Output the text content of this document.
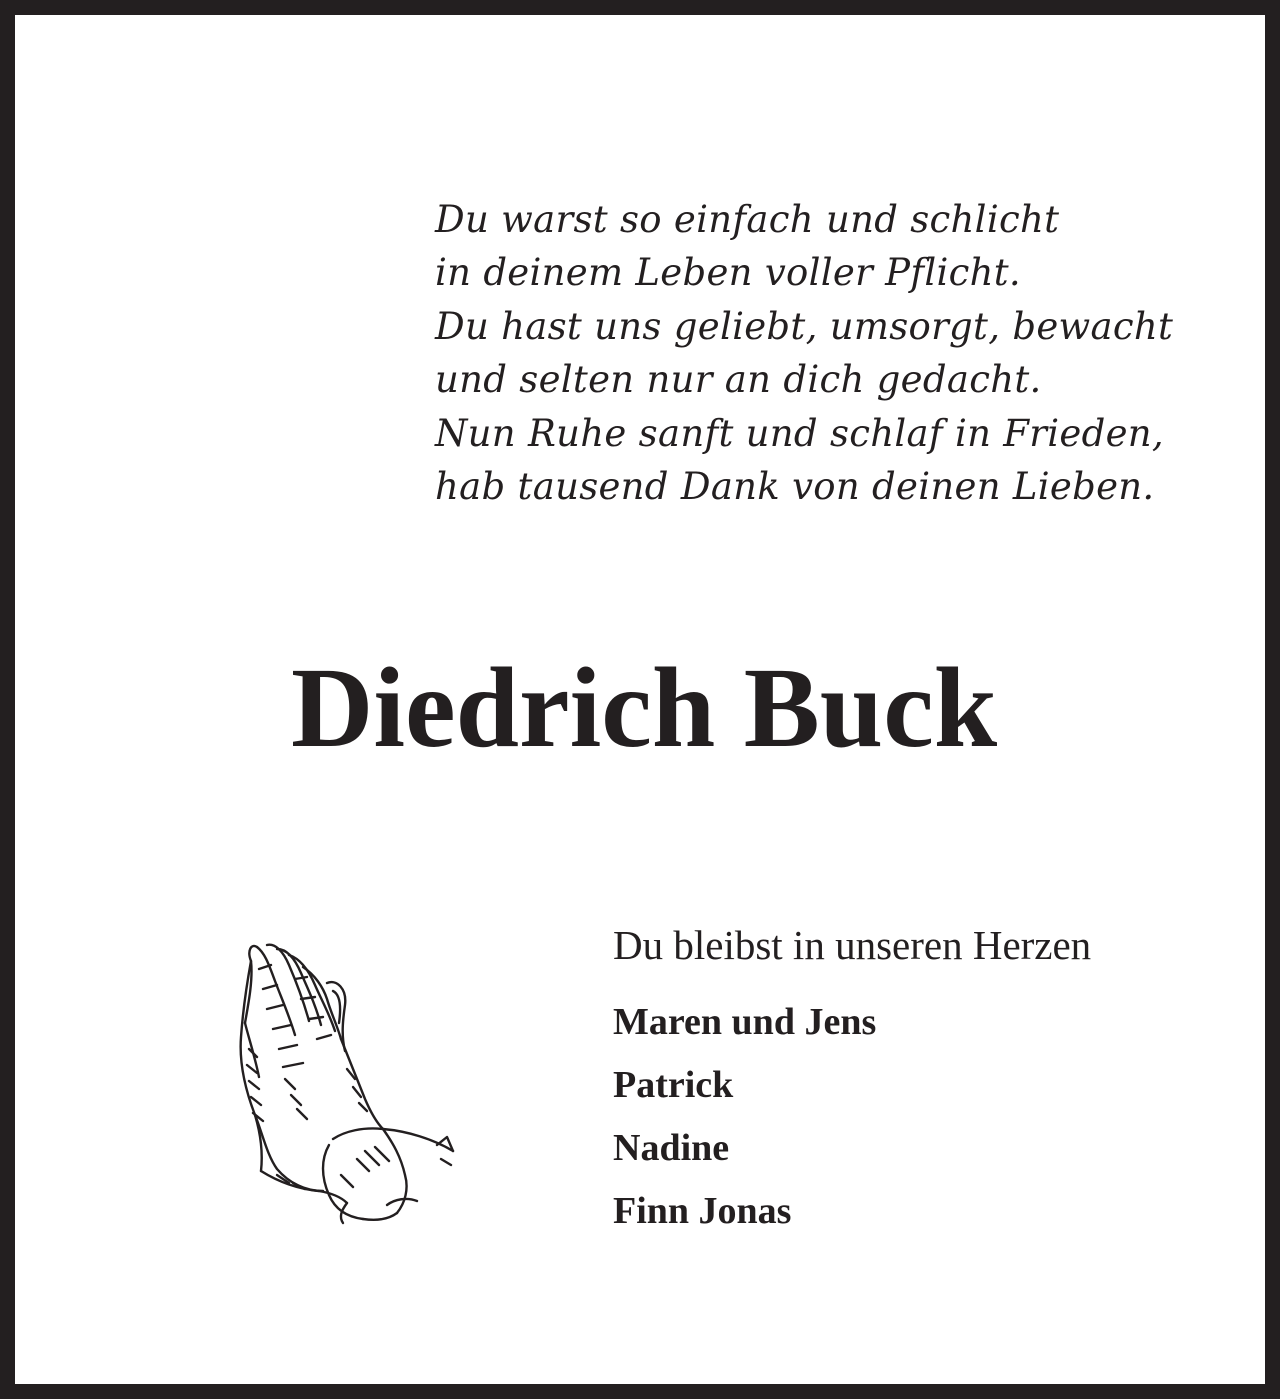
Du warst so einfach und schlicht
in deinem Leben voller Pflicht.
Du hast uns geliebt, umsorgt, bewacht
und selten nur an dich gedacht.
Nun Ruhe sanft und schlaf in Frieden,
hab tausend Dank von deinen Lieben.
Diedrich Buck
Du bleibst in unseren Herzen
Maren und Jens
Patrick
Nadine
Finn Jonas
